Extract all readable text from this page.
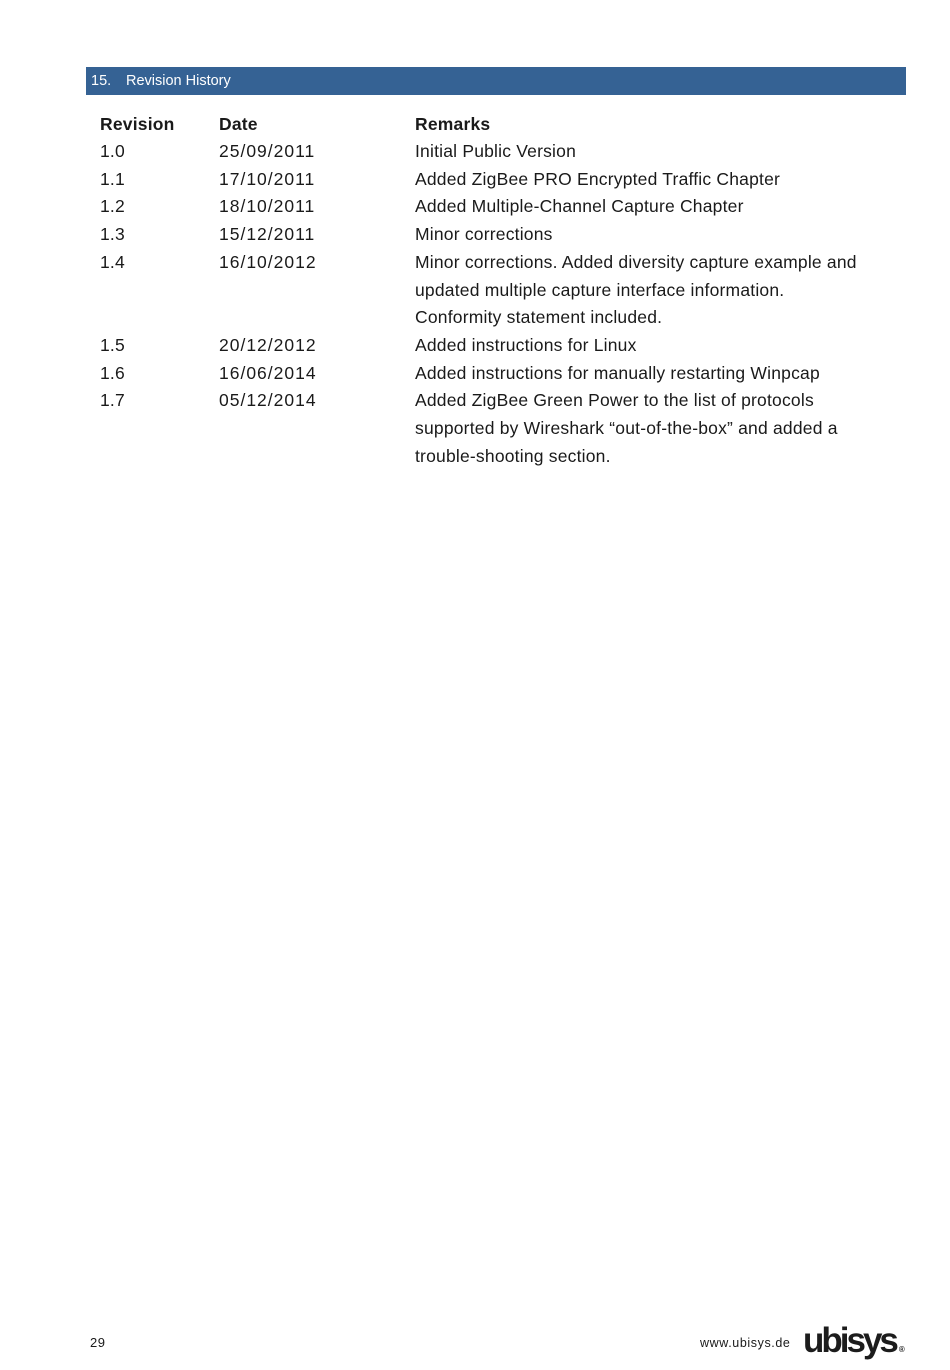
15.	Revision History
Revision	Date	Remarks
1.0	25/09/2011	Initial Public Version
1.1	17/10/2011	Added ZigBee PRO Encrypted Traffic Chapter
1.2	18/10/2011	Added Multiple-Channel Capture Chapter
1.3	15/12/2011	Minor corrections
1.4	16/10/2012	Minor corrections. Added diversity capture example and
updated multiple capture interface information.
Conformity statement included.
1.5	20/12/2012	Added instructions for Linux
1.6	16/06/2014	Added instructions for manually restarting Winpcap
1.7	05/12/2014	Added ZigBee Green Power to the list of protocols
supported by Wireshark “out-of-the-box” and added a
trouble-shooting section.
29	www.ubisys.de ubisys ®
